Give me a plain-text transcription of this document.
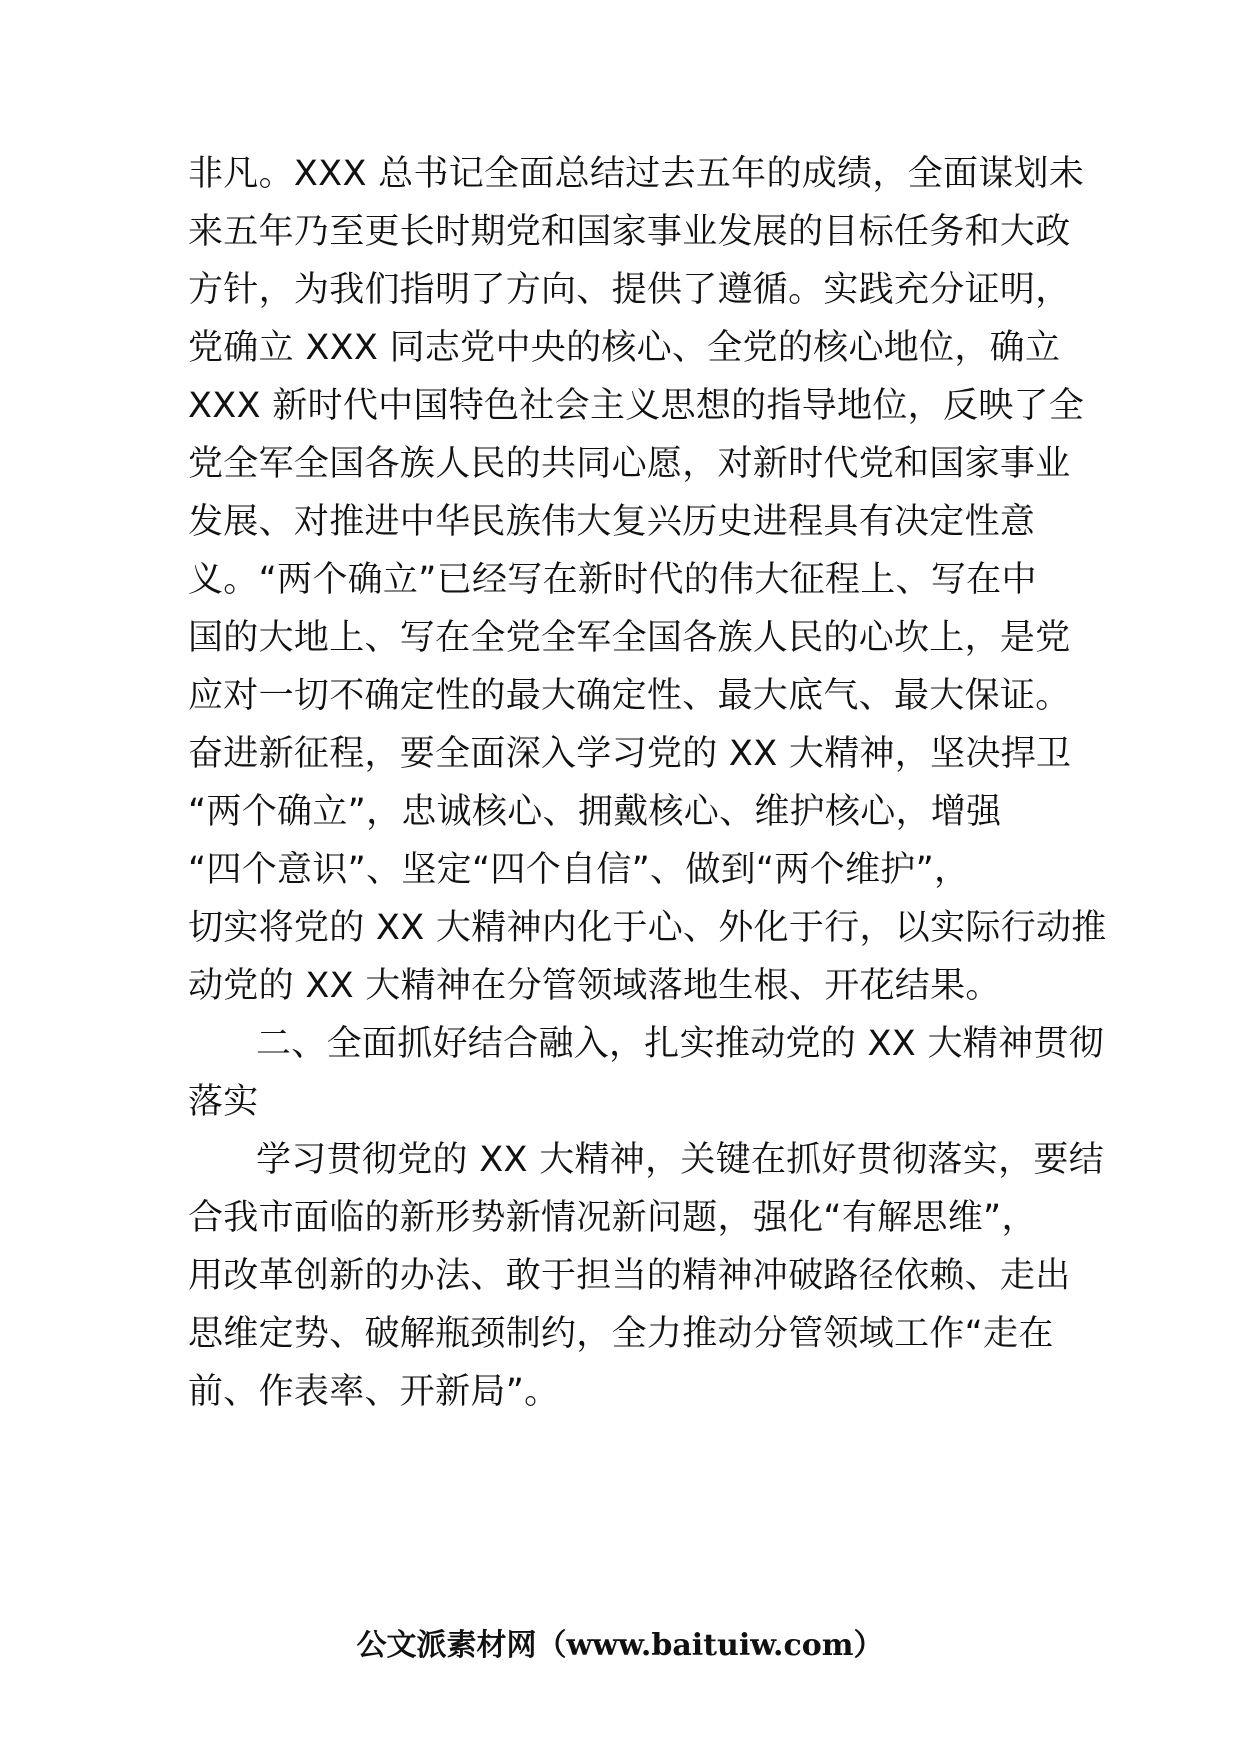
非凡。XXX 总书记全面总结过去五年的成绩，全面谋划未
来五年乃至更长时期党和国家事业发展的目标任务和大政
方针，为我们指明了方向、提供了遵循。实践充分证明，
党确立 XXX 同志党中央的核心、全党的核心地位，确立
XXX 新时代中国特色社会主义思想的指导地位，反映了全
党全军全国各族人民的共同心愿，对新时代党和国家事业
发展、对推进中华民族伟大复兴历史进程具有决定性意
义。“两个确立”已经写在新时代的伟大征程上、写在中
国的大地上、写在全党全军全国各族人民的心坎上，是党
应对一切不确定性的最大确定性、最大底气、最大保证。
奋进新征程，要全面深入学习党的 XX 大精神，坚决捍卫
“两个确立”，忠诚核心、拥戴核心、维护核心，增强
“四个意识”、坚定“四个自信”、做到“两个维护”，
切实将党的 XX 大精神内化于心、外化于行，以实际行动推
动党的 XX 大精神在分管领域落地生根、开花结果。
二、全面抓好结合融入，扎实推动党的 XX 大精神贯彻
落实
学习贯彻党的 XX 大精神，关键在抓好贯彻落实，要结
合我市面临的新形势新情况新问题，强化“有解思维”，
用改革创新的办法、敢于担当的精神冲破路径依赖、走出
思维定势、破解瓶颈制约，全力推动分管领域工作“走在
前、作表率、开新局”。
公文派素材网（www.baituiw.com）
